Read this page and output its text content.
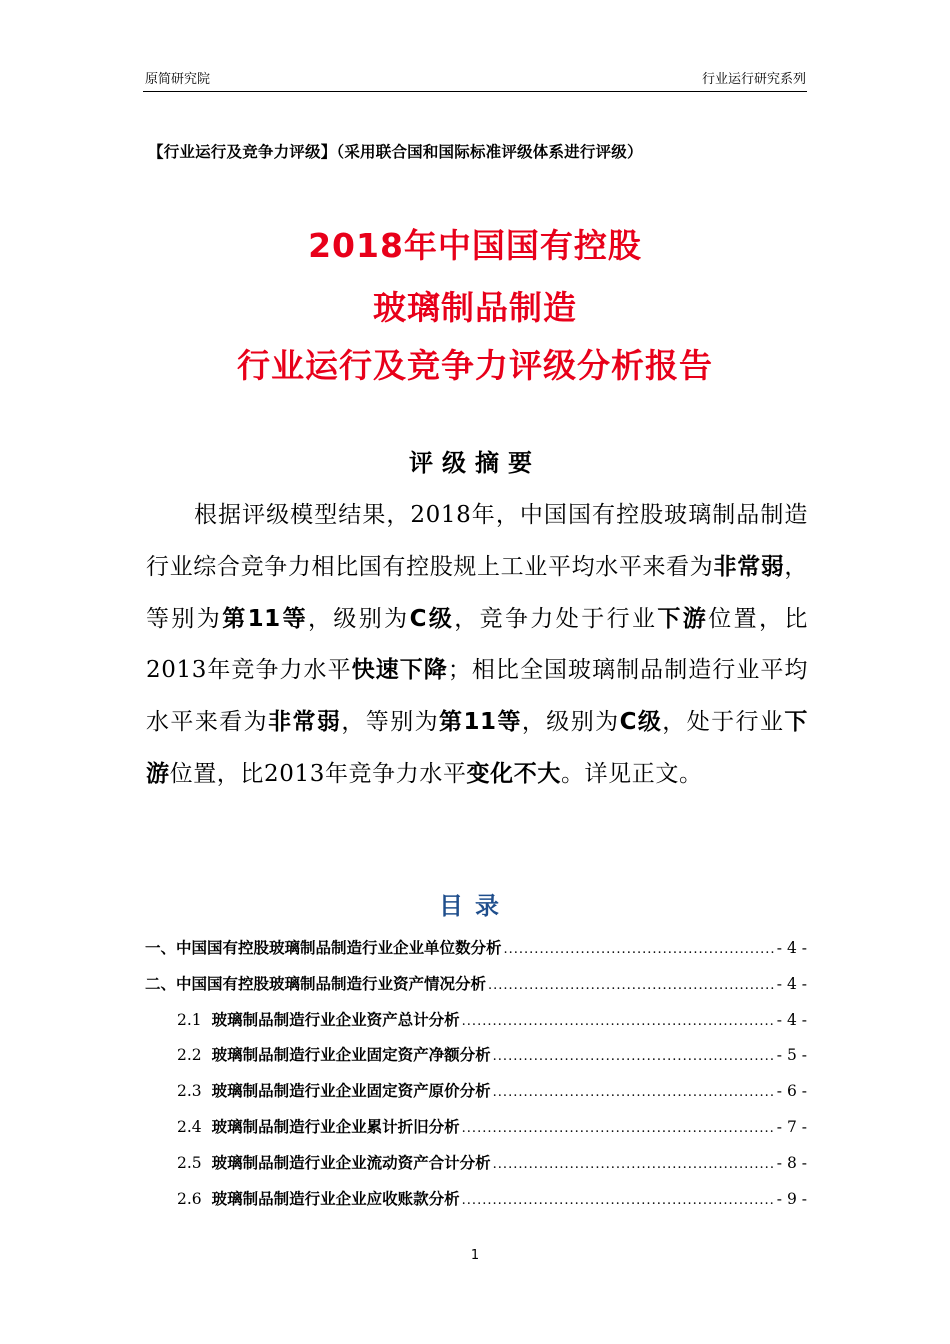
原简研究院	行业运行研究系列
【行业运行及竞争力评级】（采用联合国和国际标准评级体系进行评级）
2018年中国国有控股
玻璃制品制造
行业运行及竞争力评级分析报告
评级摘要
根据评级模型结果，2018年，中国国有控股玻璃制品制造行业综合竞争力相比国有控股规上工业平均水平来看为非常弱，等别为第11等，级别为C级，竞争力处于行业下游位置，比2013年竞争力水平快速下降；相比全国玻璃制品制造行业平均水平来看为非常弱，等别为第11等，级别为C级，处于行业下游位置，比2013年竞争力水平变化不大。详见正文。
目录
一、中国国有控股玻璃制品制造行业企业单位数分析 .....	- 4 -
二、中国国有控股玻璃制品制造行业资产情况分析 .....	- 4 -
2.1 玻璃制品制造行业企业资产总计分析 .....	- 4 -
2.2 玻璃制品制造行业企业固定资产净额分析 .....	- 5 -
2.3 玻璃制品制造行业企业固定资产原价分析 .....	- 6 -
2.4 玻璃制品制造行业企业累计折旧分析 .....	- 7 -
2.5 玻璃制品制造行业企业流动资产合计分析 .....	- 8 -
2.6 玻璃制品制造行业企业应收账款分析 .....	- 9 -
1
